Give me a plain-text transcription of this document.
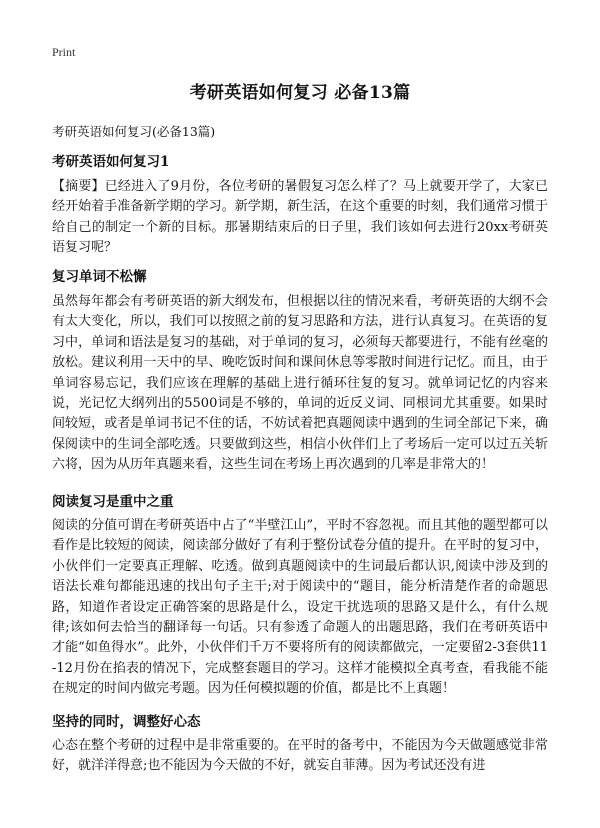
Print
考研英语如何复习 必备13篇
考研英语如何复习(必备13篇)
考研英语如何复习1
【摘要】已经进入了9月份，各位考研的暑假复习怎么样了？马上就要开学了，大家已经开始着手准备新学期的学习。新学期，新生活，在这个重要的时刻，我们通常习惯于给自己的制定一个新的目标。那暑期结束后的日子里，我们该如何去进行20xx考研英语复习呢？
复习单词不松懈
虽然每年都会有考研英语的新大纲发布，但根据以往的情况来看，考研英语的大纲不会有太大变化，所以，我们可以按照之前的复习思路和方法，进行认真复习。在英语的复习中，单词和语法是复习的基础，对于单词的复习，必须每天都要进行，不能有丝毫的放松。建议利用一天中的早、晚吃饭时间和课间休息等零散时间进行记忆。而且，由于单词容易忘记，我们应该在理解的基础上进行循环往复的复习。就单词记忆的内容来说，光记忆大纲列出的5500词是不够的，单词的近反义词、同根词尤其重要。如果时间较短，或者是单词书记不住的话，不妨试着把真题阅读中遇到的生词全部记下来，确保阅读中的生词全部吃透。只要做到这些，相信小伙伴们上了考场后一定可以过五关斩六将，因为从历年真题来看，这些生词在考场上再次遇到的几率是非常大的！
阅读复习是重中之重
阅读的分值可谓在考研英语中占了“半壁江山”，平时不容忽视。而且其他的题型都可以看作是比较短的阅读，阅读部分做好了有利于整份试卷分值的提升。在平时的复习中，小伙伴们一定要真正理解、吃透。做到真题阅读中的生词最后都认识,阅读中涉及到的语法长难句都能迅速的找出句子主干;对于阅读中的“题目，能分析清楚作者的命题思路，知道作者设定正确答案的思路是什么，设定干扰选项的思路又是什么，有什么规律;该如何去恰当的翻译每一句话。只有参透了命题人的出题思路，我们在考研英语中才能“如鱼得水”。此外，小伙伴们千万不要将所有的阅读都做完，一定要留2-3套供11-12月份在掐表的情况下，完成整套题目的学习。这样才能模拟全真考查，看我能不能在规定的时间内做完考题。因为任何模拟题的价值，都是比不上真题！
坚持的同时，调整好心态
心态在整个考研的过程中是非常重要的。在平时的备考中，不能因为今天做题感觉非常好，就洋洋得意;也不能因为今天做的不好，就妄自菲薄。因为考试还没有进
